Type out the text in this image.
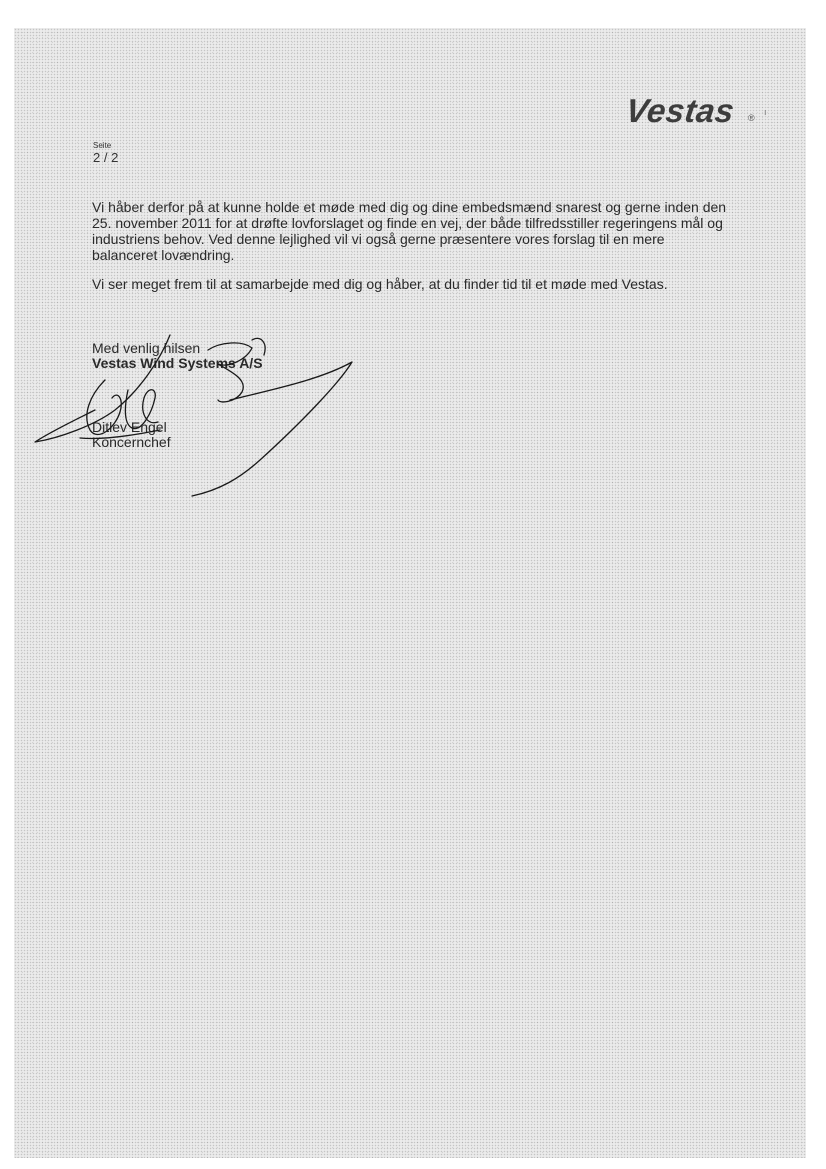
Vestas ®
ı
Seite
2 / 2
Vi håber derfor på at kunne holde et møde med dig og dine embedsmænd snarest og gerne inden den 25. november 2011 for at drøfte lovforslaget og finde en vej, der både tilfredsstiller regeringens mål og industriens behov. Ved denne lejlighed vil vi også gerne præsentere vores forslag til en mere balanceret lovændring.
Vi ser meget frem til at samarbejde med dig og håber, at du finder tid til et møde med Vestas.
Med venlig hilsen
Vestas Wind Systems A/S
Ditlev Engel
Koncernchef
